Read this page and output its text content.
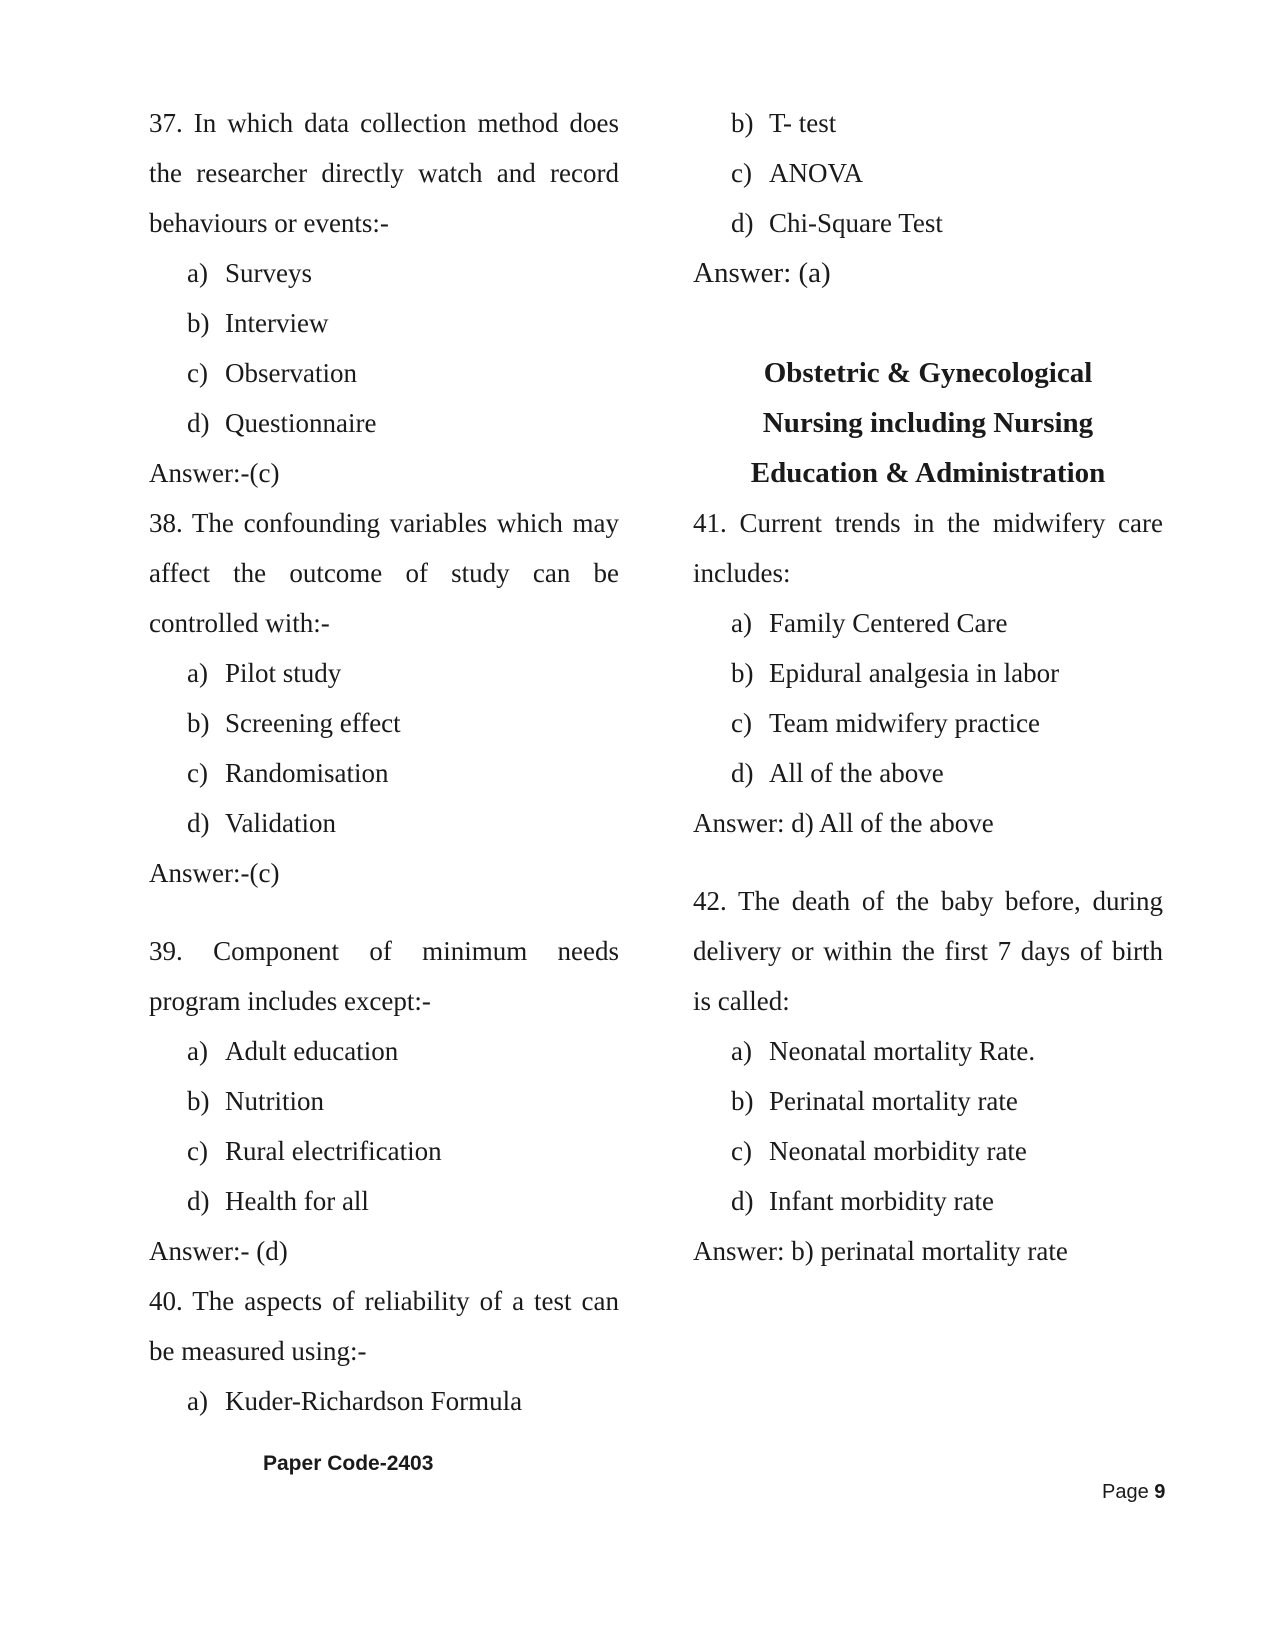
37. In which data collection method does the researcher directly watch and record behaviours or events:-

a) Surveys
b) Interview
c) Observation
d) Questionnaire

Answer:-(c)

38. The confounding variables which may affect the outcome of study can be controlled with:-

a) Pilot study
b) Screening effect
c) Randomisation
d) Validation

Answer:-(c)

39. Component of minimum needs program includes except:-

a) Adult education
b) Nutrition
c) Rural electrification
d) Health for all

Answer:- (d)

40. The aspects of reliability of a test can be measured using:-

a) Kuder-Richardson Formula
b) T- test
c) ANOVA
d) Chi-Square Test

Answer: (a)

Obstetric & Gynecological

Nursing including Nursing

Education & Administration

41. Current trends in the midwifery care includes:

a) Family Centered Care
b) Epidural analgesia in labor
c) Team midwifery practice
d) All of the above

Answer: d) All of the above

42. The death of the baby before, during delivery or within the first 7 days of birth is called:

a) Neonatal mortality Rate.
b) Perinatal mortality rate
c) Neonatal morbidity rate
d) Infant morbidity rate

Answer: b) perinatal mortality rate

Paper Code-2403
Page 9
